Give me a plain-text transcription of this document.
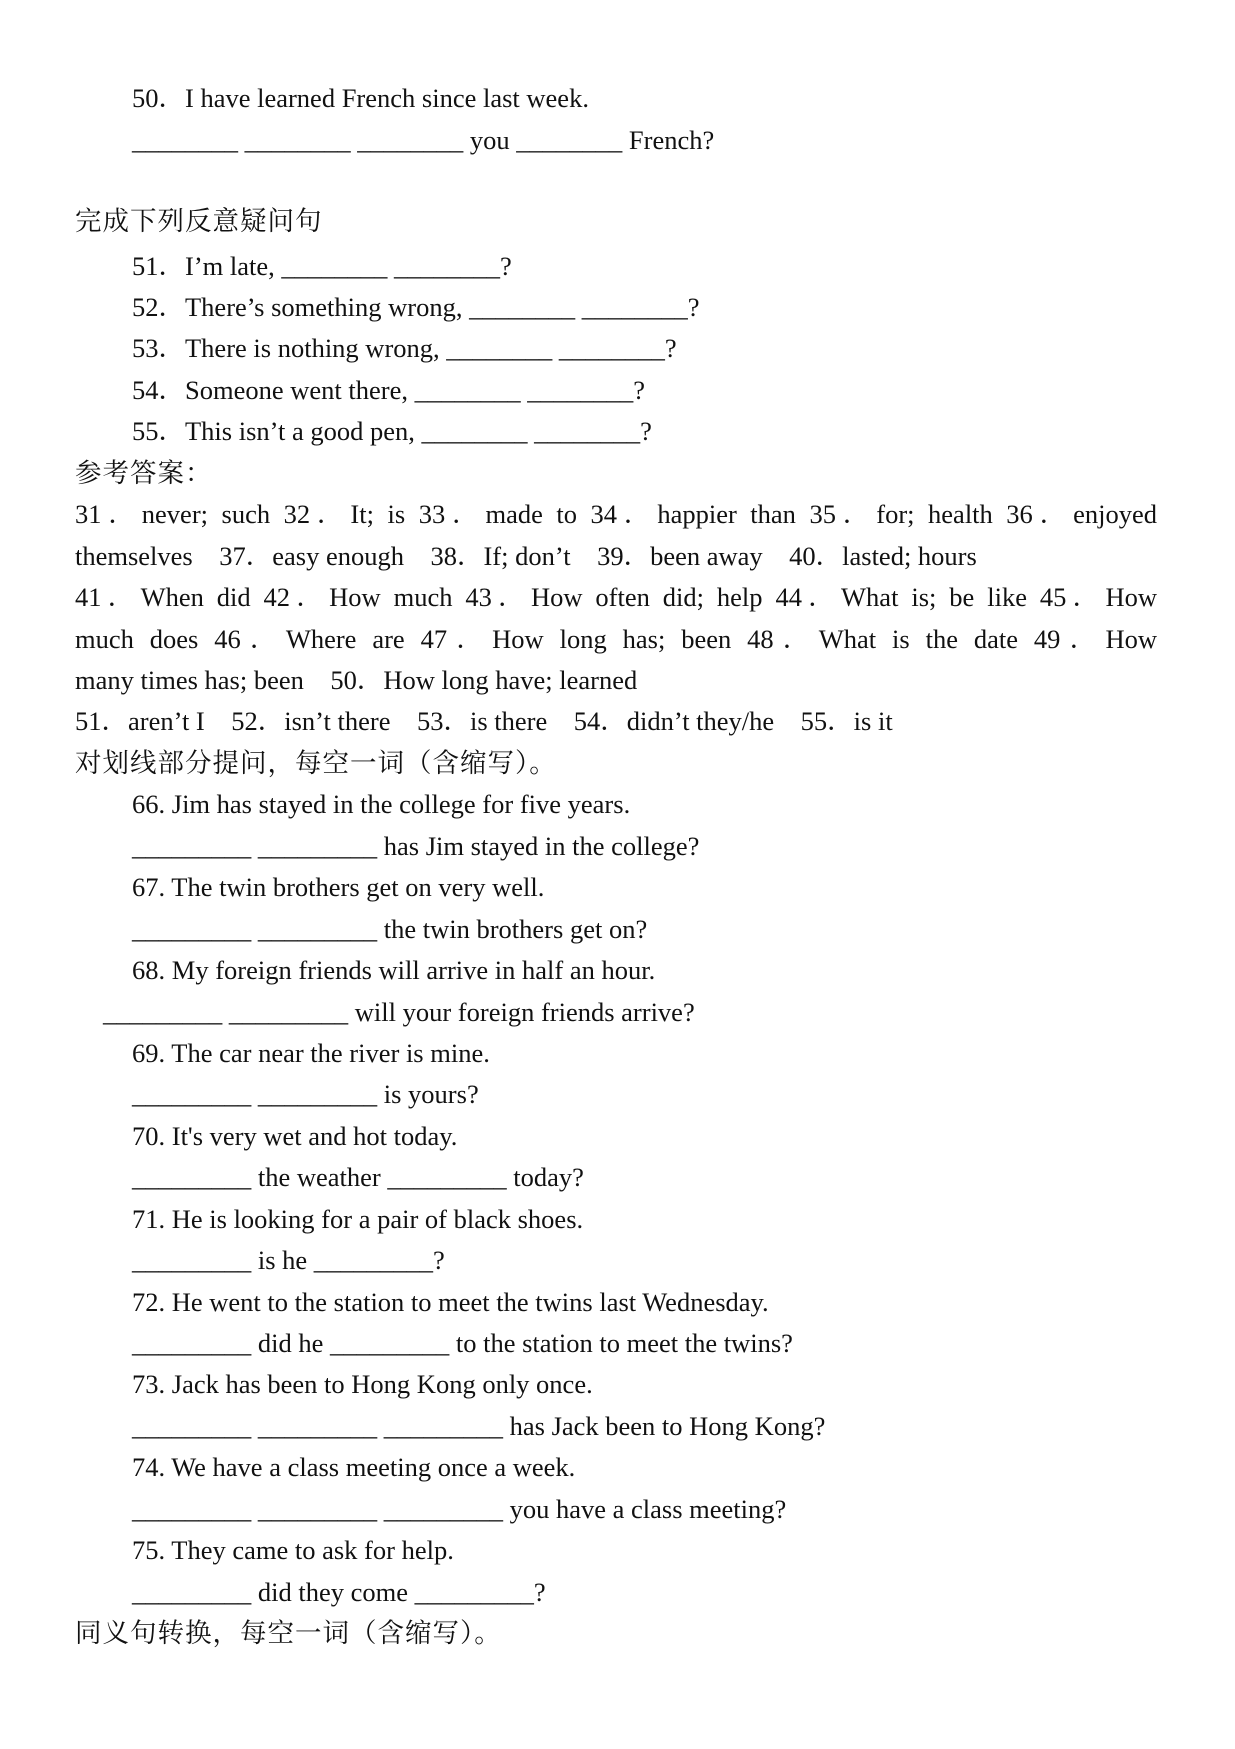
50．I have learned French since last week.
________ ________ ________ you ________ French?
完成下列反意疑问句
51．I’m late, ________ ________?
52．There’s something wrong, ________ ________?
53．There is nothing wrong, ________ ________?
54．Someone went there, ________ ________?
55．This isn’t a good pen, ________ ________?
参考答案：
31．never; such 32．It; is 33．made to 34．happier than 35．for; health 36．enjoyed
themselves    37．easy enough    38．If; don’t    39．been away    40．lasted; hours
41．When did 42．How much 43．How often did; help 44．What is; be like 45．How
much does 46．Where are 47．How long has; been 48．What is the date 49．How
many times has; been    50．How long have; learned
51．aren’t I    52．isn’t there    53．is there    54．didn’t they/he    55．is it
对划线部分提问，每空一词（含缩写）。
66. Jim has stayed in the college for five years.
_________ _________ has Jim stayed in the college?
67. The twin brothers get on very well.
_________ _________ the twin brothers get on?
68. My foreign friends will arrive in half an hour.
_________ _________ will your foreign friends arrive?
69. The car near the river is mine.
_________ _________ is yours?
70. It's very wet and hot today.
_________ the weather _________ today?
71. He is looking for a pair of black shoes.
_________ is he _________?
72. He went to the station to meet the twins last Wednesday.
_________ did he _________ to the station to meet the twins?
73. Jack has been to Hong Kong only once.
_________ _________ _________ has Jack been to Hong Kong?
74. We have a class meeting once a week.
_________ _________ _________ you have a class meeting?
75. They came to ask for help.
_________ did they come _________?
同义句转换，每空一词（含缩写）。
